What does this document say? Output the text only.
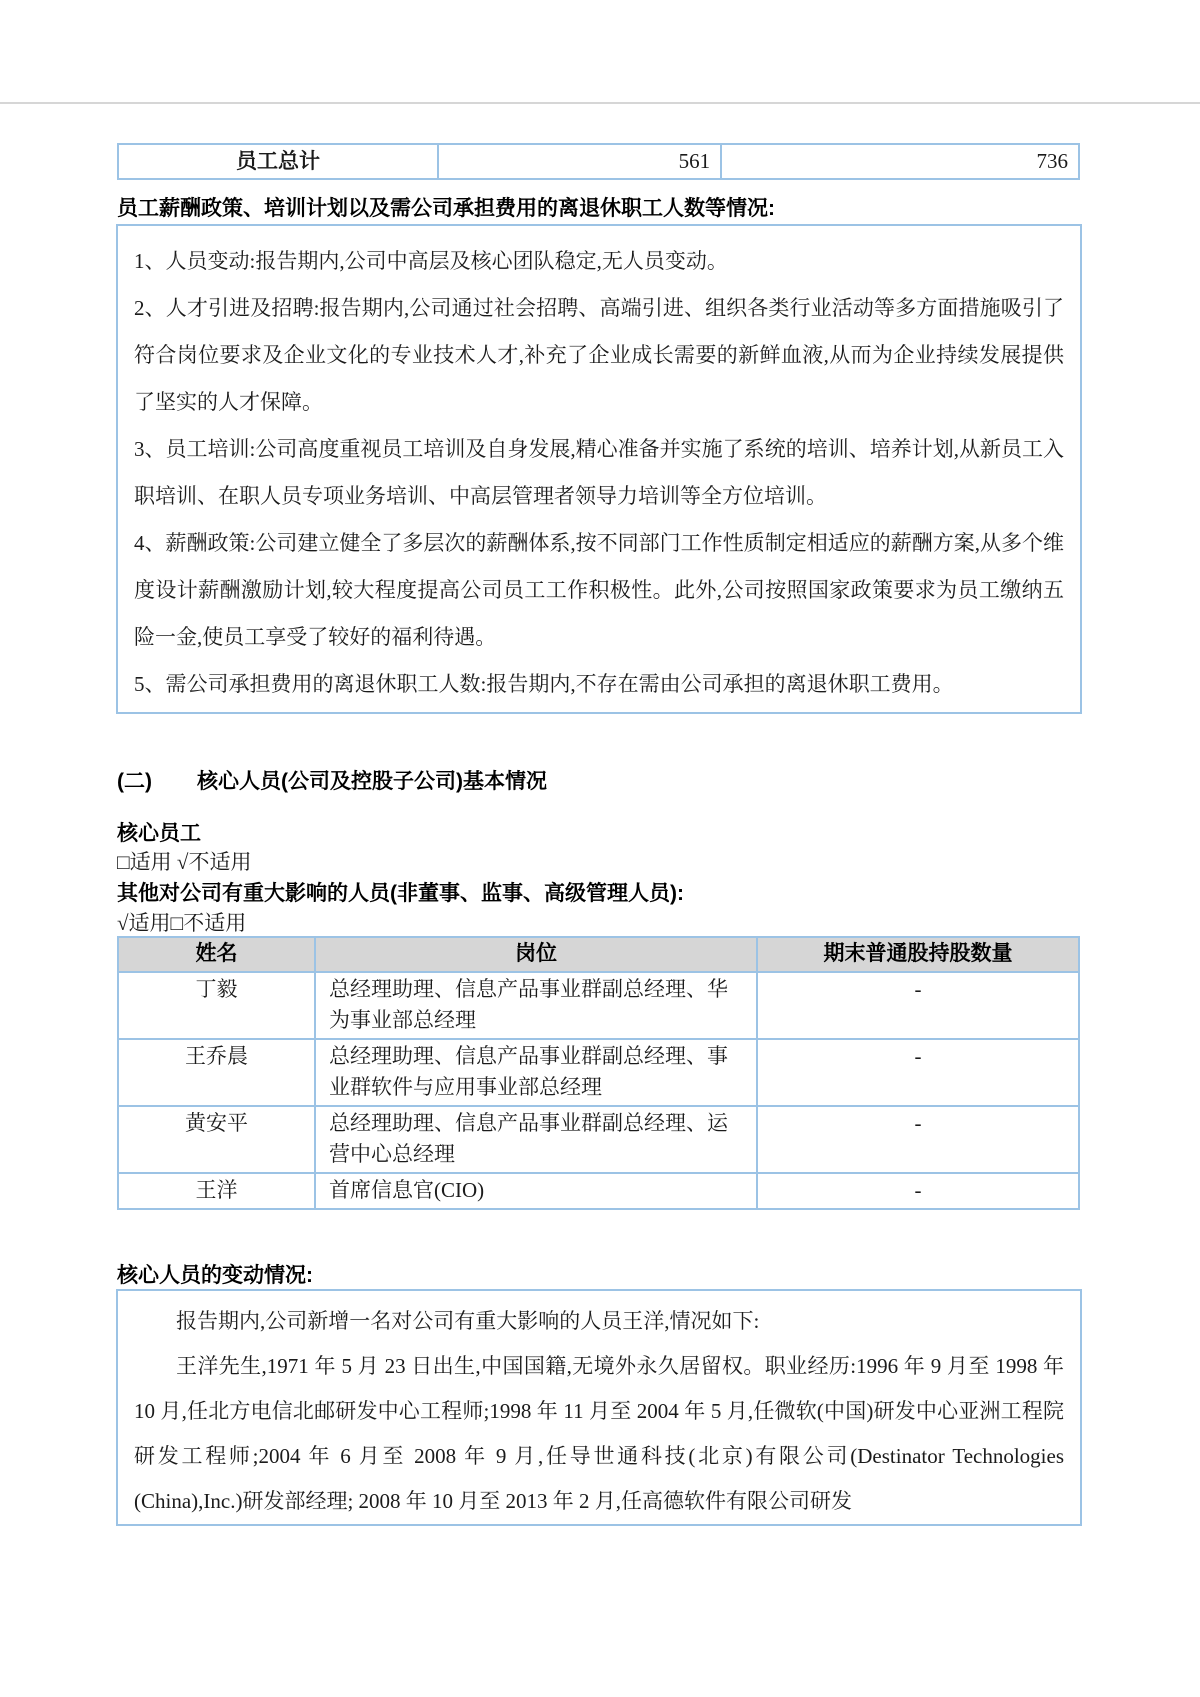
员工总计	561	736
员工薪酬政策、培训计划以及需公司承担费用的离退休职工人数等情况:

1、人员变动:报告期内,公司中高层及核心团队稳定,无人员变动。

2、人才引进及招聘:报告期内,公司通过社会招聘、高端引进、组织各类行业活动等多方面措施吸引了符合岗位要求及企业文化的专业技术人才,补充了企业成长需要的新鲜血液,从而为企业持续发展提供了坚实的人才保障。

3、员工培训:公司高度重视员工培训及自身发展,精心准备并实施了系统的培训、培养计划,从新员工入职培训、在职人员专项业务培训、中高层管理者领导力培训等全方位培训。

4、薪酬政策:公司建立健全了多层次的薪酬体系,按不同部门工作性质制定相适应的薪酬方案,从多个维度设计薪酬激励计划,较大程度提高公司员工工作积极性。此外,公司按照国家政策要求为员工缴纳五险一金,使员工享受了较好的福利待遇。

5、需公司承担费用的离退休职工人数:报告期内,不存在需由公司承担的离退休职工费用。

(二) 核心人员(公司及控股子公司)基本情况
核心员工
□适用 √不适用
其他对公司有重大影响的人员(非董事、监事、高级管理人员):
√适用□不适用
姓名	岗位	期末普通股持股数量
丁毅	总经理助理、信息产品事业群副总经理、华为事业部总经理	-
王乔晨	总经理助理、信息产品事业群副总经理、事业群软件与应用事业部总经理	-
黄安平	总经理助理、信息产品事业群副总经理、运营中心总经理	-
王洋	首席信息官(CIO)	-
核心人员的变动情况:

报告期内,公司新增一名对公司有重大影响的人员王洋,情况如下:

王洋先生,1971 年 5 月 23 日出生,中国国籍,无境外永久居留权。职业经历:1996 年 9 月至 1998 年 10 月,任北方电信北邮研发中心工程师;1998 年 11 月至 2004 年 5 月,任微软(中国)研发中心亚洲工程院研发工程师;2004 年 6 月至 2008 年 9 月,任导世通科技(北京)有限公司(Destinator Technologies (China),Inc.)研发部经理; 2008 年 10 月至 2013 年 2 月,任高德软件有限公司研发
